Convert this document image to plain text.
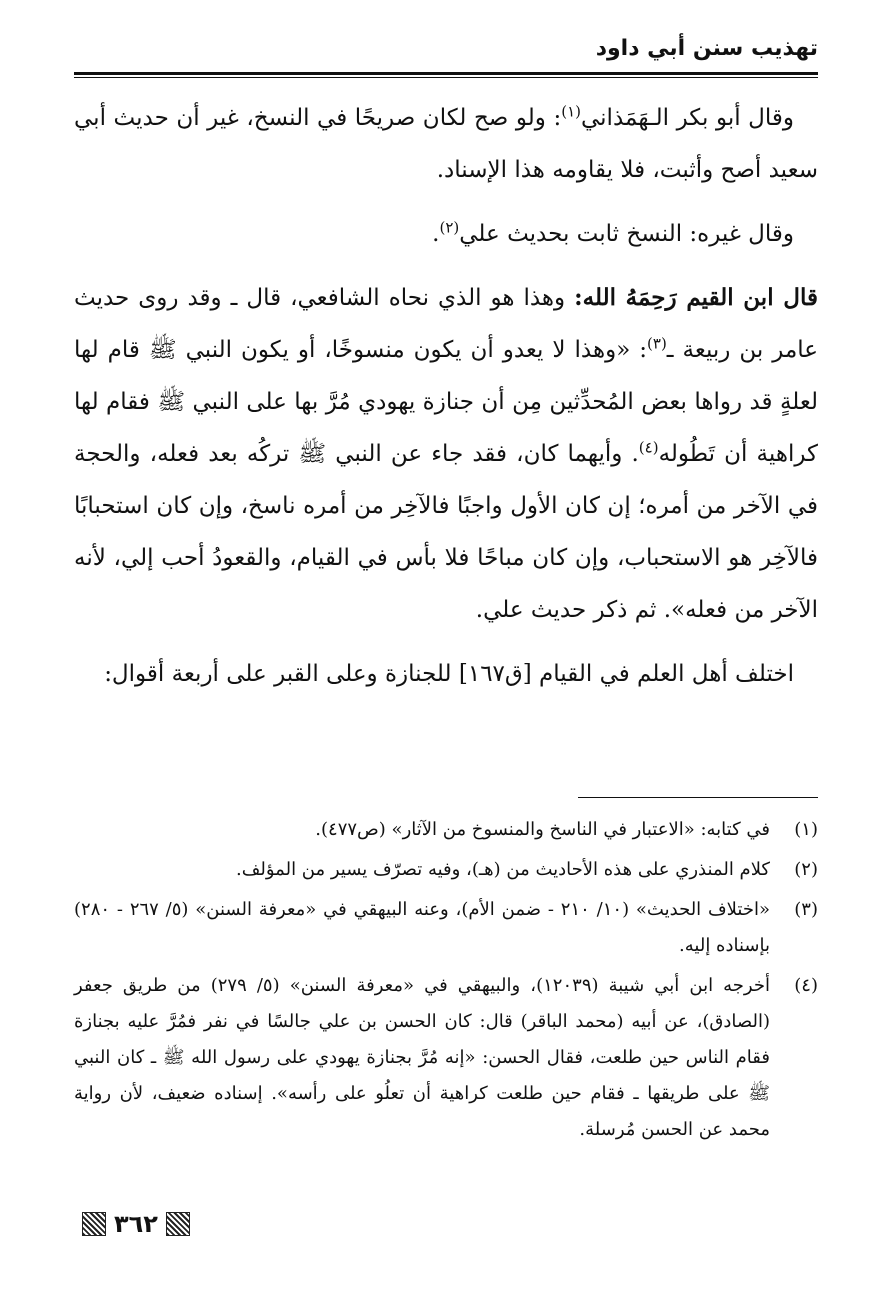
تهذيب سنن أبي داود

وقال أبو بكر الـهَمَذاني$^{(١)}$: ولو صح لكان صريحًا في النسخ، غير أن حديث أبي سعيد أصح وأثبت، فلا يقاومه هذا الإسناد.

وقال غيره: النسخ ثابت بحديث علي$^{(٢)}$.

قال ابن القيم رَحِمَهُ الله: وهذا هو الذي نحاه الشافعي، قال ـ وقد روى حديث عامر بن ربيعة ـ$^{(٣)}$: «وهذا لا يعدو أن يكون منسوخًا، أو يكون النبي ﷺ قام لها لعلةٍ قد رواها بعض المُحدِّثين مِن أن جنازة يهودي مُرَّ بها على النبي ﷺ فقام لها كراهية أن تَطُوله$^{(٤)}$. وأيهما كان، فقد جاء عن النبي ﷺ تركُه بعد فعله، والحجة في الآخر من أمره؛ إن كان الأول واجبًا فالآخِر من أمره ناسخ، وإن كان استحبابًا فالآخِر هو الاستحباب، وإن كان مباحًا فلا بأس في القيام، والقعودُ أحب إلي، لأنه الآخر من فعله». ثم ذكر حديث علي.

اختلف أهل العلم في القيام [ق١٦٧] للجنازة وعلى القبر على أربعة أقوال:

(١)
في كتابه: «الاعتبار في الناسخ والمنسوخ من الآثار» (ص٤٧٧).
(٢)
كلام المنذري على هذه الأحاديث من (هـ)، وفيه تصرّف يسير من المؤلف.
(٣)
«اختلاف الحديث» (١٠/ ٢١٠ - ضمن الأم)، وعنه البيهقي في «معرفة السنن» (٥/ ٢٦٧ - ٢٨٠) بإسناده إليه.
(٤)
أخرجه ابن أبي شيبة (١٢٠٣٩)، والبيهقي في «معرفة السنن» (٥/ ٢٧٩) من طريق جعفر (الصادق)، عن أبيه (محمد الباقر) قال: كان الحسن بن علي جالسًا في نفر فمُرَّ عليه بجنازة فقام الناس حين طلعت، فقال الحسن: «إنه مُرَّ بجنازة يهودي على رسول الله ﷺ ـ كان النبي ﷺ على طريقها ـ فقام حين طلعت كراهية أن تعلُو على رأسه». إسناده ضعيف، لأن رواية محمد عن الحسن مُرسلة.
٣٦٢
